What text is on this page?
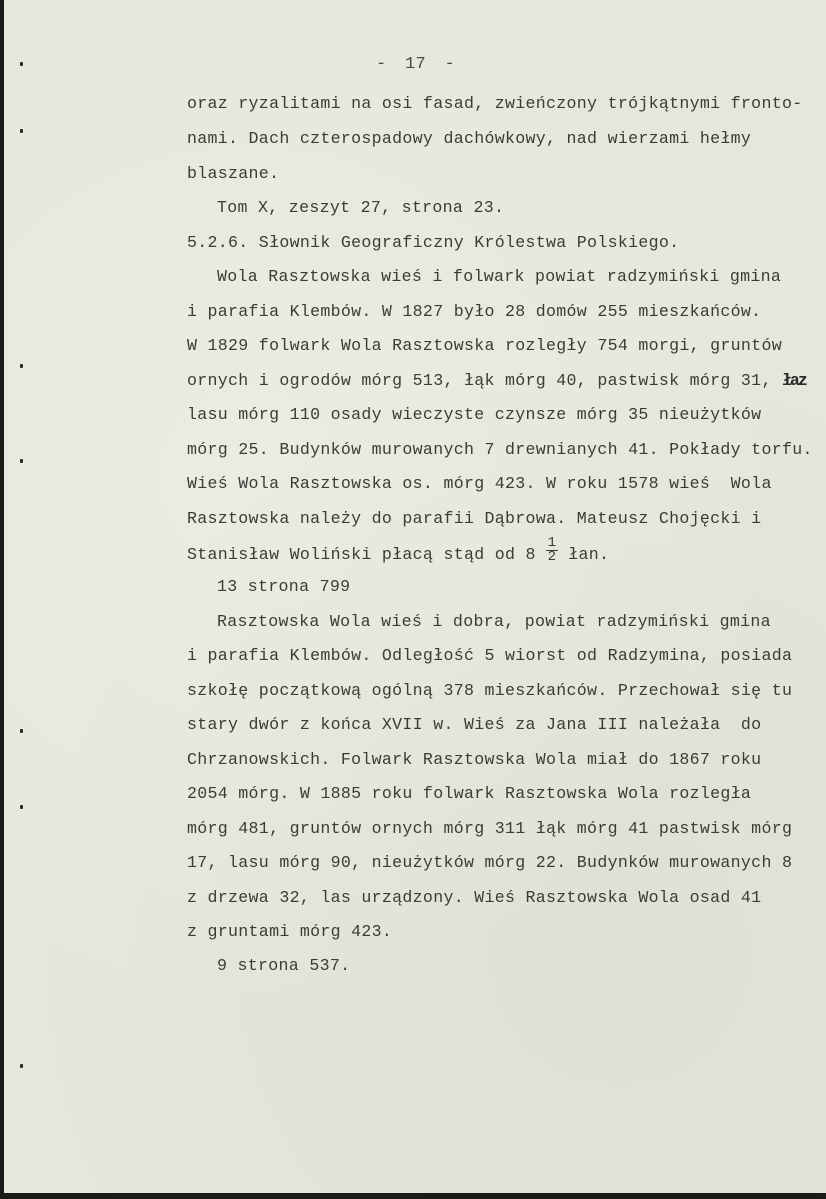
- 17 -
oraz ryzalitami na osi fasad, zwieńczony trójkątnymi fronto-
nami. Dach czterospadowy dachówkowy, nad wierzami hełmy
blaszane.
Tom X, zeszyt 27, strona 23.
5.2.6. Słownik Geograficzny Królestwa Polskiego.
Wola Rasztowska wieś i folwark powiat radzymiński gmina
i parafia Klembów. W 1827 było 28 domów 255 mieszkańców.
W 1829 folwark Wola Rasztowska rozległy 754 morgi, gruntów
ornych i ogrodów mórg 513, łąk mórg 40, pastwisk mórg 31, łaz
lasu mórg 110 osady wieczyste czynsze mórg 35 nieużytków
mórg 25. Budynków murowanych 7 drewnianych 41. Pokłady torfu.
Wieś Wola Rasztowska os. mórg 423. W roku 1578 wieś  Wola
Rasztowska należy do parafii Dąbrowa. Mateusz Chojęcki i
Stanisław Woliński płacą stąd od $8 \frac{1}{2}$ łan.
13 strona 799
Rasztowska Wola wieś i dobra, powiat radzymiński gmina
i parafia Klembów. Odległość 5 wiorst od Radzymina, posiada
szkołę początkową ogólną 378 mieszkańców. Przechował się tu
stary dwór z końca XVII w. Wieś za Jana III należała  do
Chrzanowskich. Folwark Rasztowska Wola miał do 1867 roku
2054 mórg. W 1885 roku folwark Rasztowska Wola rozległa
mórg 481, gruntów ornych mórg 311 łąk mórg 41 pastwisk mórg
17, lasu mórg 90, nieużytków mórg 22. Budynków murowanych 8
z drzewa 32, las urządzony. Wieś Rasztowska Wola osad 41
z gruntami mórg 423.
9 strona 537.
